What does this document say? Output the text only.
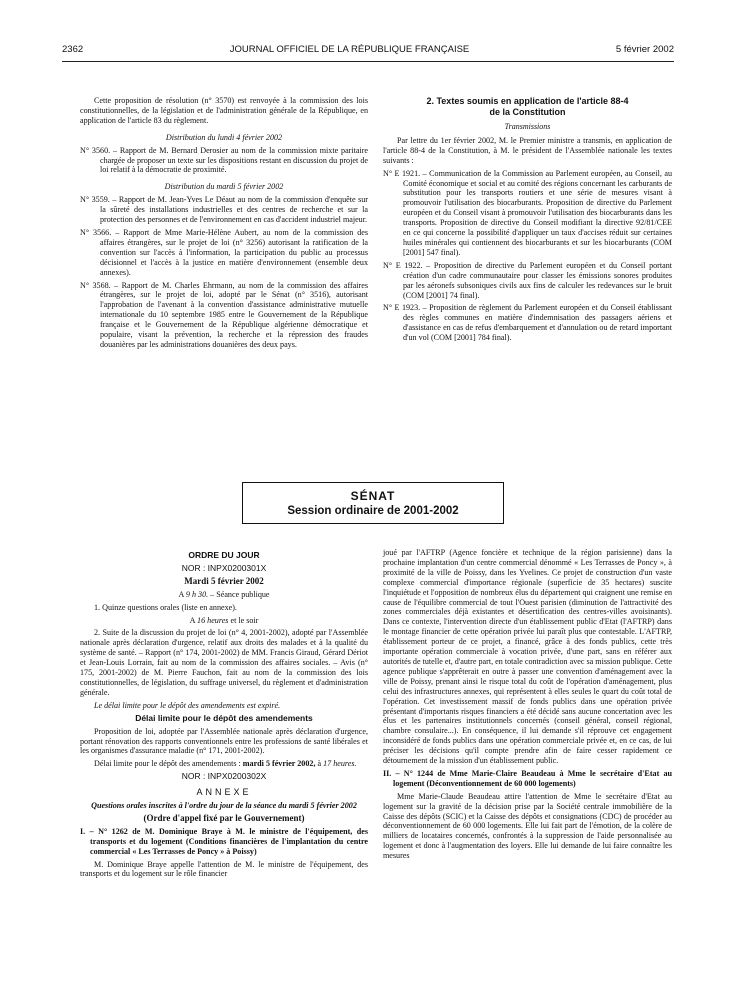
2362	JOURNAL OFFICIEL DE LA RÉPUBLIQUE FRANÇAISE	5 février 2002

Cette proposition de résolution (n° 3570) est renvoyée à la commission des lois constitutionnelles, de la législation et de l'administration générale de la République, en application de l'article 83 du règlement.

Distribution du lundi 4 février 2002

N° 3560. – Rapport de M. Bernard Derosier au nom de la commission mixte paritaire chargée de proposer un texte sur les dispositions restant en discussion du projet de loi relatif à la démocratie de proximité.

Distribution du mardi 5 février 2002

N° 3559. – Rapport de M. Jean-Yves Le Déaut au nom de la commission d'enquête sur la sûreté des installations industrielles et des centres de recherche et sur la protection des personnes et de l'environnement en cas d'accident industriel majeur.

N° 3566. – Rapport de Mme Marie-Hélène Aubert, au nom de la commission des affaires étrangères, sur le projet de loi (n° 3256) autorisant la ratification de la convention sur l'accès à l'information, la participation du public au processus décisionnel et l'accès à la justice en matière d'environnement (ensemble deux annexes).

N° 3568. – Rapport de M. Charles Ehrmann, au nom de la commission des affaires étrangères, sur le projet de loi, adopté par le Sénat (n° 3516), autorisant l'approbation de l'avenant à la convention d'assistance administrative mutuelle internationale du 10 septembre 1985 entre le Gouvernement de la République française et le Gouvernement de la République algérienne démocratique et populaire, visant la prévention, la recherche et la répression des fraudes douanières par les administrations douanières des deux pays.

2. Textes soumis en application de l'article 88-4
de la Constitution

Transmissions

Par lettre du 1er février 2002, M. le Premier ministre a transmis, en application de l'article 88-4 de la Constitution, à M. le président de l'Assemblée nationale les textes suivants :

N° E 1921. – Communication de la Commission au Parlement européen, au Conseil, au Comité économique et social et au comité des régions concernant les carburants de substitution pour les transports routiers et une série de mesures visant à promouvoir l'utilisation des biocarburants. Proposition de directive du Parlement européen et du Conseil visant à promouvoir l'utilisation des biocarburants dans les transports. Proposition de directive du Conseil modifiant la directive 92/81/CEE en ce qui concerne la possibilité d'appliquer un taux d'accises réduit sur certaines huiles minérales qui contiennent des biocarburants et sur les biocarburants (COM [2001] 547 final).

N° E 1922. – Proposition de directive du Parlement européen et du Conseil portant création d'un cadre communautaire pour classer les émissions sonores produites par les aéronefs subsoniques civils aux fins de calculer les redevances sur le bruit (COM [2001] 74 final).

N° E 1923. – Proposition de règlement du Parlement européen et du Conseil établissant des règles communes en matière d'indemnisation des passagers aériens et d'assistance en cas de refus d'embarquement et d'annulation ou de retard important d'un vol (COM [2001] 784 final).

SÉNAT
Session ordinaire de 2001-2002

ORDRE DU JOUR

NOR : INPX0200301X

Mardi 5 février 2002

A 9 h 30. – Séance publique

1. Quinze questions orales (liste en annexe).

A 16 heures et le soir

2. Suite de la discussion du projet de loi (n° 4, 2001-2002), adopté par l'Assemblée nationale après déclaration d'urgence, relatif aux droits des malades et à la qualité du système de santé. – Rapport (n° 174, 2001-2002) de MM. Francis Giraud, Gérard Dériot et Jean-Louis Lorrain, fait au nom de la commission des affaires sociales. – Avis (n° 175, 2001-2002) de M. Pierre Fauchon, fait au nom de la commission des lois constitutionnelles, de législation, du suffrage universel, du règlement et d'administration générale.

Le délai limite pour le dépôt des amendements est expiré.

Délai limite pour le dépôt des amendements

Proposition de loi, adoptée par l'Assemblée nationale après déclaration d'urgence, portant rénovation des rapports conventionnels entre les professions de santé libérales et les organismes d'assurance maladie (n° 171, 2001-2002).

Délai limite pour le dépôt des amendements : mardi 5 février 2002, à 17 heures.

NOR : INPX0200302X

ANNEXE

Questions orales inscrites à l'ordre du jour de la séance du mardi 5 février 2002

(Ordre d'appel fixé par le Gouvernement)

I. – N° 1262 de M. Dominique Braye à M. le ministre de l'équipement, des transports et du logement (Conditions financières de l'implantation du centre commercial « Les Terrasses de Poncy » à Poissy)

M. Dominique Braye appelle l'attention de M. le ministre de l'équipement, des transports et du logement sur le rôle financier

joué par l'AFTRP (Agence foncière et technique de la région parisienne) dans la prochaine implantation d'un centre commercial dénommé « Les Terrasses de Poncy », à proximité de la ville de Poissy, dans les Yvelines. Ce projet de construction d'un vaste complexe commercial d'importance régionale (superficie de 35 hectares) suscite l'inquiétude et l'opposition de nombreux élus du département qui craignent une remise en cause de l'équilibre commercial de tout l'Ouest parisien (diminution de l'attractivité des zones commerciales déjà existantes et désertification des centres-villes avoisinants). Dans ce contexte, l'intervention directe d'un établissement public d'Etat (l'AFTRP) dans le montage financier de cette opération privée lui paraît plus que contestable. L'AFTRP, établissement porteur de ce projet, a financé, grâce à des fonds publics, cette très importante opération commerciale à vocation privée, d'une part, sans en référer aux autorités de tutelle et, d'autre part, en totale contradiction avec sa mission publique. Cette agence publique s'apprêterait en outre à passer une convention d'aménagement avec la ville de Poissy, prenant ainsi le risque total du coût de l'opération d'aménagement, plus celui des infrastructures annexes, qui représentent à elles seules le quart du coût total de l'opération. Cet investissement massif de fonds publics dans une opération privée présentant d'importants risques financiers a été décidé sans aucune concertation avec les élus et les partenaires institutionnels concernés (conseil général, conseil régional, chambre consulaire...). En conséquence, il lui demande s'il réprouve cet engagement inconsidéré de fonds publics dans une opération commerciale privée et, en ce cas, de lui préciser les décisions qu'il compte prendre afin de faire cesser rapidement ce détournement de la mission d'un établissement public.

II. – N° 1244 de Mme Marie-Claire Beaudeau à Mme le secrétaire d'Etat au logement (Déconventionnement de 60 000 logements)

Mme Marie-Claude Beaudeau attire l'attention de Mme le secrétaire d'Etat au logement sur la gravité de la décision prise par la Société centrale immobilière de la Caisse des dépôts (SCIC) et la Caisse des dépôts et consignations (CDC) de procéder au déconventionnement de 60 000 logements. Elle lui fait part de l'émotion, de la colère de milliers de locataires concernés, confrontés à la suppression de l'aide personnalisée au logement et donc à l'augmentation des loyers. Elle lui demande de lui faire connaître les mesures
